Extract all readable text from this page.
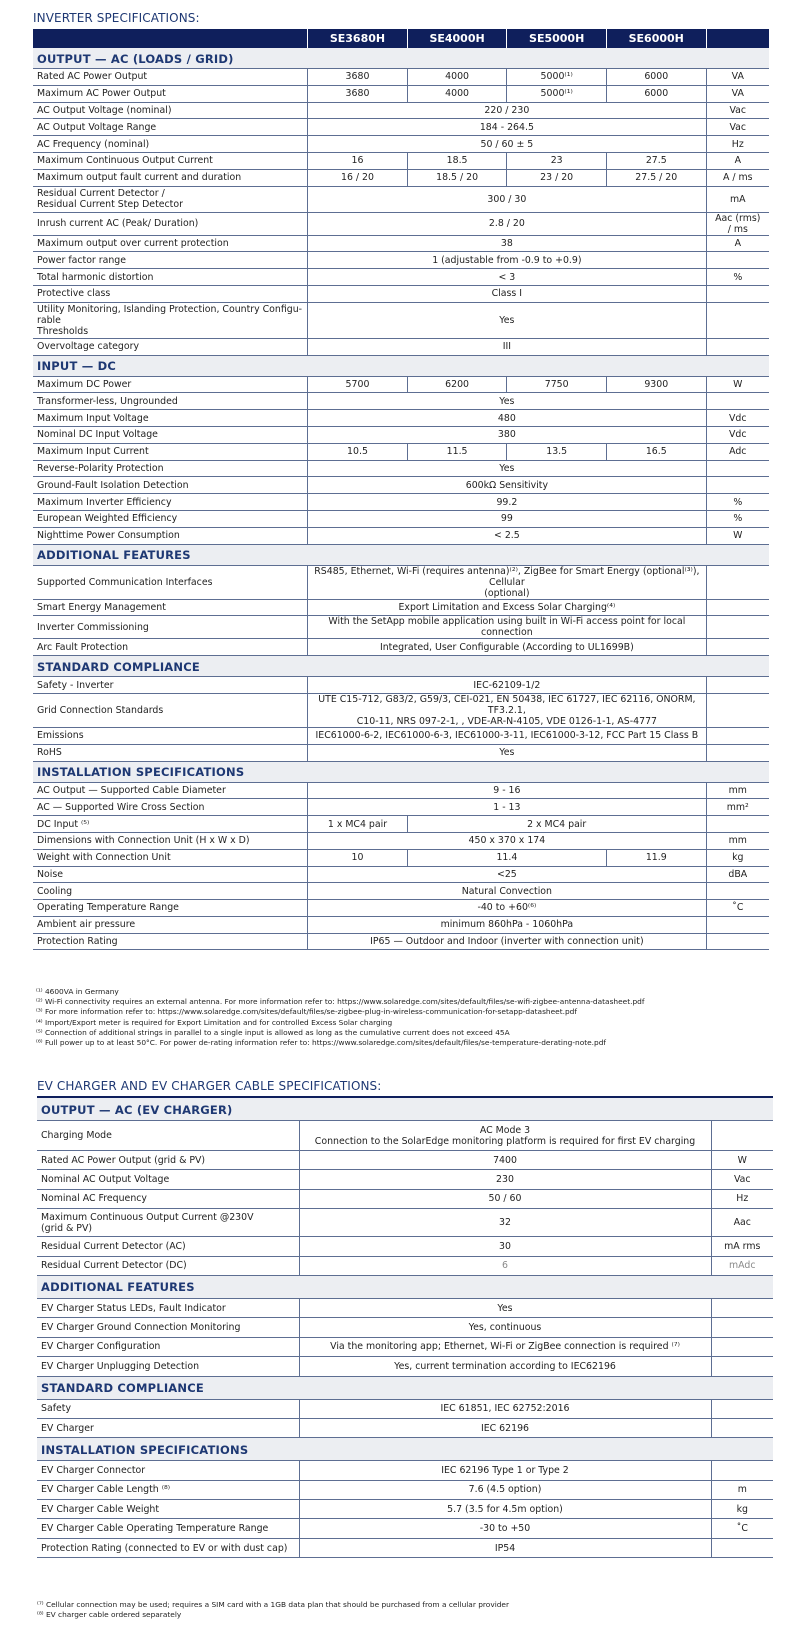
INVERTER SPECIFICATIONS:
	SE3680H	SE4000H	SE5000H	SE6000H	
OUTPUT — AC (LOADS / GRID)					
Rated AC Power Output	3680	4000	5000⁽¹⁾	6000	VA
Maximum AC Power Output	3680	4000	5000⁽¹⁾	6000	VA
AC Output Voltage (nominal)	220 / 230				Vac
AC Output Voltage Range	184 - 264.5				Vac
AC Frequency (nominal)	50 / 60 ± 5				Hz
Maximum Continuous Output Current	16	18.5	23	27.5	A
Maximum output fault current and duration	16 / 20	18.5 / 20	23 / 20	27.5 / 20	A / ms
Residual Current Detector /
Residual Current Step Detector	300 / 30				mA
Inrush current AC (Peak/ Duration)	2.8 / 20				Aac (rms)
/ ms
Maximum output over current protection	38				A
Power factor range	1 (adjustable from -0.9 to +0.9)				
Total harmonic distortion	< 3				%
Protective class	Class I				
Utility Monitoring, Islanding Protection, Country Configu-
rable
Thresholds	Yes				
Overvoltage category	III				
INPUT — DC					
Maximum DC Power	5700	6200	7750	9300	W
Transformer-less, Ungrounded	Yes				
Maximum Input Voltage	480				Vdc
Nominal DC Input Voltage	380				Vdc
Maximum Input Current	10.5	11.5	13.5	16.5	Adc
Reverse-Polarity Protection	Yes				
Ground-Fault Isolation Detection	600kΩ Sensitivity				
Maximum Inverter Efficiency	99.2				%
European Weighted Efficiency	99				%
Nighttime Power Consumption	< 2.5				W
ADDITIONAL FEATURES					
Supported Communication Interfaces	RS485, Ethernet, Wi-Fi (requires antenna)⁽²⁾, ZigBee for Smart Energy (optional⁽³⁾), Cellular
(optional)				
Smart Energy Management	Export Limitation and Excess Solar Charging⁽⁴⁾				
Inverter Commissioning	With the SetApp mobile application using built in Wi-Fi access point for local connection				
Arc Fault Protection	Integrated, User Configurable (According to UL1699B)				
STANDARD COMPLIANCE					
Safety - Inverter	IEC-62109-1/2				
Grid Connection Standards	UTE C15-712, G83/2, G59/3, CEI-021, EN 50438, IEC 61727, IEC 62116, ÖNORM, TF3.2.1,
C10-11, NRS 097-2-1, , VDE-AR-N-4105, VDE 0126-1-1, AS-4777				
Emissions	IEC61000-6-2, IEC61000-6-3, IEC61000-3-11, IEC61000-3-12, FCC Part 15 Class B				
RoHS	Yes				
INSTALLATION SPECIFICATIONS					
AC Output — Supported Cable Diameter	9 - 16				mm
AC — Supported Wire Cross Section	1 - 13				mm²
DC Input ⁽⁵⁾	1 x MC4 pair	2 x MC4 pair			
Dimensions with Connection Unit (H x W x D)	450 x 370 x 174				mm
Weight with Connection Unit	10	11.4		11.9	kg
Noise	<25				dBA
Cooling	Natural Convection				
Operating Temperature Range	-40 to +60⁽⁶⁾				˚C
Ambient air pressure	minimum 860hPa - 1060hPa				
Protection Rating	IP65 — Outdoor and Indoor (inverter with connection unit)				
⁽¹⁾ 4600VA in Germany
⁽²⁾ Wi-Fi connectivity requires an external antenna. For more information refer to: https://www.solaredge.com/sites/default/files/se-wifi-zigbee-antenna-datasheet.pdf
⁽³⁾ For more information refer to: https://www.solaredge.com/sites/default/files/se-zigbee-plug-in-wireless-communication-for-setapp-datasheet.pdf
⁽⁴⁾ Import/Export meter is required for Export Limitation and for controlled Excess Solar charging
⁽⁵⁾ Connection of additional strings in parallel to a single input is allowed as long as the cumulative current does not exceed 45A
⁽⁶⁾ Full power up to at least 50°C. For power de-rating information refer to: https://www.solaredge.com/sites/default/files/se-temperature-derating-note.pdf
EV CHARGER AND EV CHARGER CABLE SPECIFICATIONS:
OUTPUT — AC (EV CHARGER)		
Charging Mode	AC Mode 3
Connection to the SolarEdge monitoring platform is required for first EV charging	
Rated AC Power Output (grid & PV)	7400	W
Nominal AC Output Voltage	230	Vac
Nominal AC Frequency	50 / 60	Hz
Maximum Continuous Output Current @230V
(grid & PV)	32	Aac
Residual Current Detector (AC)	30	mA rms
Residual Current Detector (DC)	6	mAdc
ADDITIONAL FEATURES		
EV Charger Status LEDs, Fault Indicator	Yes	
EV Charger Ground Connection Monitoring	Yes, continuous	
EV Charger Configuration	Via the monitoring app; Ethernet, Wi-Fi or ZigBee connection is required ⁽⁷⁾	
EV Charger Unplugging Detection	Yes, current termination according to IEC62196	
STANDARD COMPLIANCE		
Safety	IEC 61851, IEC 62752:2016	
EV Charger	IEC 62196	
INSTALLATION SPECIFICATIONS		
EV Charger Connector	IEC 62196 Type 1 or Type 2	
EV Charger Cable Length ⁽⁸⁾	7.6 (4.5 option)	m
EV Charger Cable Weight	5.7 (3.5 for 4.5m option)	kg
EV Charger Cable Operating Temperature Range	-30 to +50	˚C
Protection Rating (connected to EV or with dust cap)	IP54	
⁽⁷⁾ Cellular connection may be used; requires a SIM card with a 1GB data plan that should be purchased from a cellular provider
⁽⁸⁾ EV charger cable ordered separately
